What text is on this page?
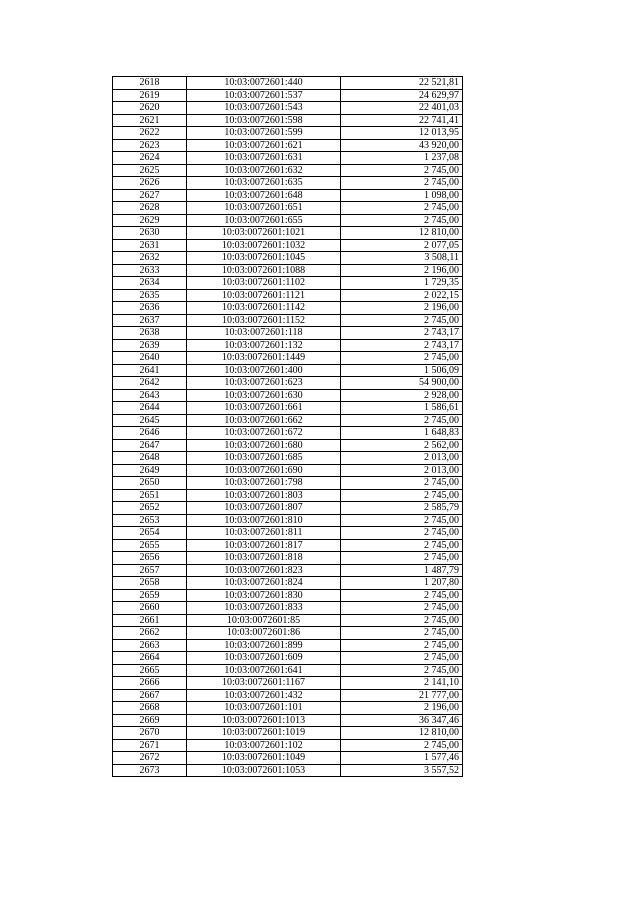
2618	10:03:0072601:440	22 521,81
2619	10:03:0072601:537	24 629,97
2620	10:03:0072601:543	22 401,03
2621	10:03:0072601:598	22 741,41
2622	10:03:0072601:599	12 013,95
2623	10:03:0072601:621	43 920,00
2624	10:03:0072601:631	1 237,08
2625	10:03:0072601:632	2 745,00
2626	10:03:0072601:635	2 745,00
2627	10:03:0072601:648	1 098,00
2628	10:03:0072601:651	2 745,00
2629	10:03:0072601:655	2 745,00
2630	10:03:0072601:1021	12 810,00
2631	10:03:0072601:1032	2 077,05
2632	10:03:0072601:1045	3 508,11
2633	10:03:0072601:1088	2 196,00
2634	10:03:0072601:1102	1 729,35
2635	10:03:0072601:1121	2 022,15
2636	10:03:0072601:1142	2 196,00
2637	10:03:0072601:1152	2 745,00
2638	10:03:0072601:118	2 743,17
2639	10:03:0072601:132	2 743,17
2640	10:03:0072601:1449	2 745,00
2641	10:03:0072601:400	1 506,09
2642	10:03:0072601:623	54 900,00
2643	10:03:0072601:630	2 928,00
2644	10:03:0072601:661	1 586,61
2645	10:03:0072601:662	2 745,00
2646	10:03:0072601:672	1 648,83
2647	10:03:0072601:680	2 562,00
2648	10:03:0072601:685	2 013,00
2649	10:03:0072601:690	2 013,00
2650	10:03:0072601:798	2 745,00
2651	10:03:0072601:803	2 745,00
2652	10:03:0072601:807	2 585,79
2653	10:03:0072601:810	2 745,00
2654	10:03:0072601:811	2 745,00
2655	10:03:0072601:817	2 745,00
2656	10:03:0072601:818	2 745,00
2657	10:03:0072601:823	1 487,79
2658	10:03:0072601:824	1 207,80
2659	10:03:0072601:830	2 745,00
2660	10:03:0072601:833	2 745,00
2661	10:03:0072601:85	2 745,00
2662	10:03:0072601:86	2 745,00
2663	10:03:0072601:899	2 745,00
2664	10:03:0072601:609	2 745,00
2665	10:03:0072601:641	2 745,00
2666	10:03:0072601:1167	2 141,10
2667	10:03:0072601:432	21 777,00
2668	10:03:0072601:101	2 196,00
2669	10:03:0072601:1013	36 347,46
2670	10:03:0072601:1019	12 810,00
2671	10:03:0072601:102	2 745,00
2672	10:03:0072601:1049	1 577,46
2673	10:03:0072601:1053	3 557,52
